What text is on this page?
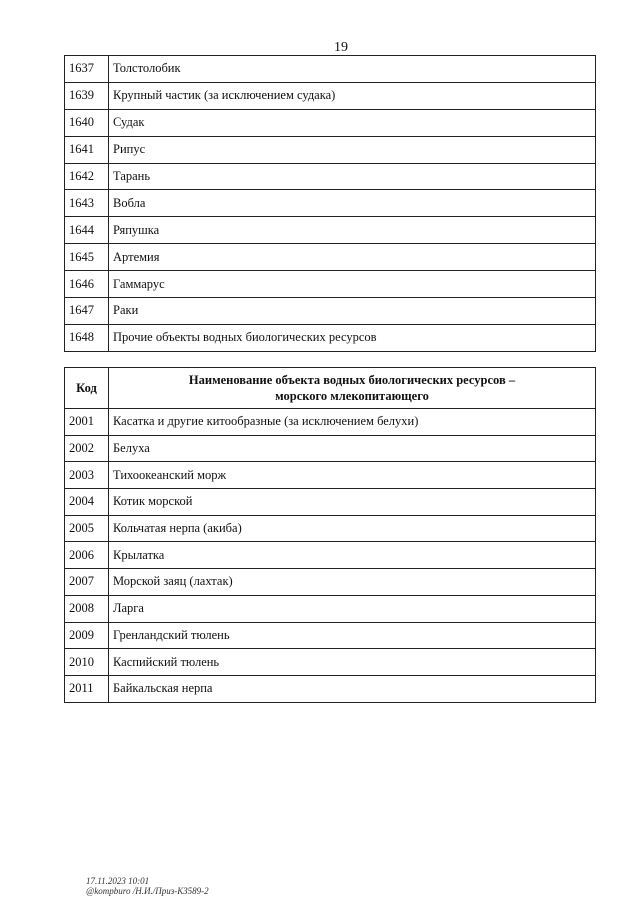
19
1637	Толстолобик
1639	Крупный частик (за исключением судака)
1640	Судак
1641	Рипус
1642	Тарань
1643	Вобла
1644	Ряпушка
1645	Артемия
1646	Гаммарус
1647	Раки
1648	Прочие объекты водных биологических ресурсов
Код	Наименование объекта водных биологических ресурсов –
морского млекопитающего
2001	Касатка и другие китообразные (за исключением белухи)
2002	Белуха
2003	Тихоокеанский морж
2004	Котик морской
2005	Кольчатая нерпа (акиба)
2006	Крылатка
2007	Морской заяц (лахтак)
2008	Ларга
2009	Гренландский тюлень
2010	Каспийский тюлень
2011	Байкальская нерпа
17.11.2023 10:01
@kompburo /Н.И./Приз-КЗ589-2
